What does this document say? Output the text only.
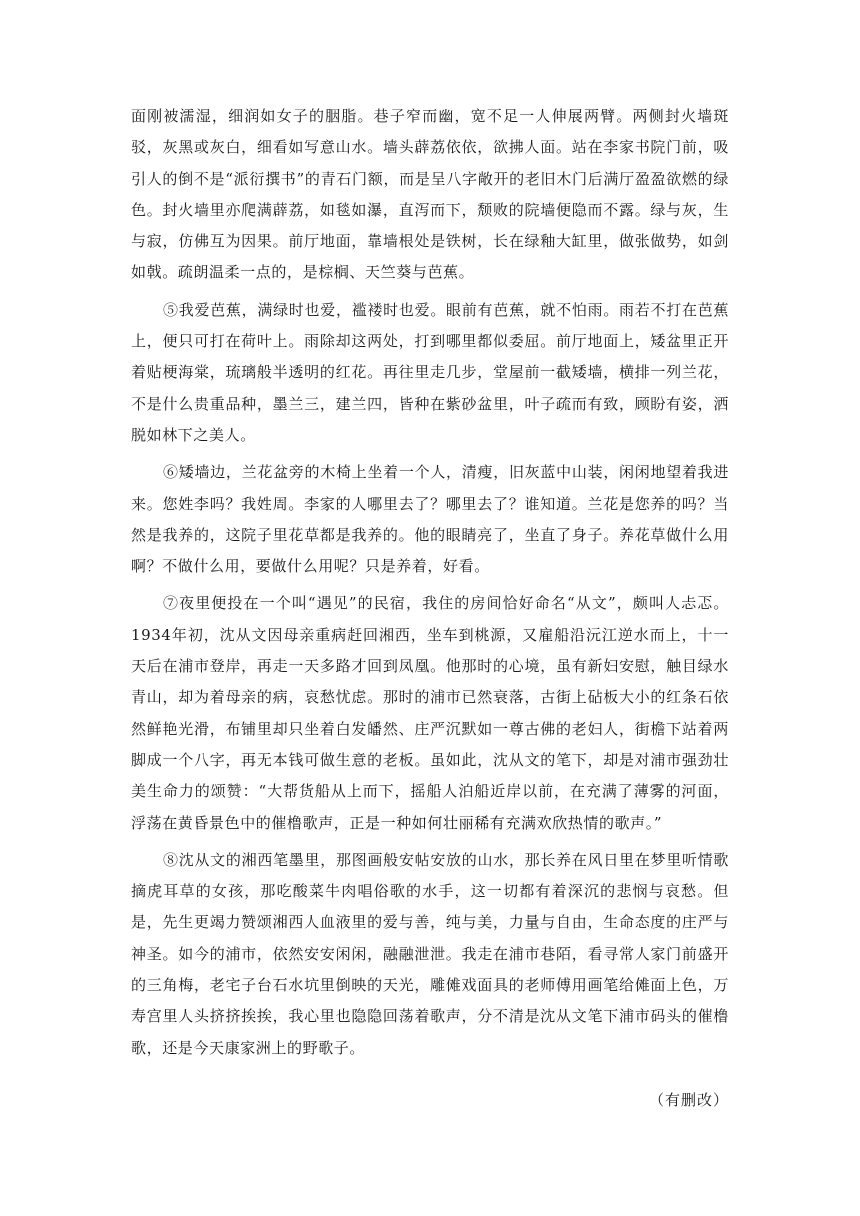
面刚被濡湿，细润如女子的胭脂。巷子窄而幽，宽不足一人伸展两臂。两侧封火墙斑驳，灰黑或灰白，细看如写意山水。墙头薜荔依依，欲拂人面。站在李家书院门前，吸引人的倒不是“派衍撰书”的青石门额，而是呈八字敞开的老旧木门后满厅盈盈欲燃的绿色。封火墙里亦爬满薜荔，如毯如瀑，直泻而下，颓败的院墙便隐而不露。绿与灰，生与寂，仿佛互为因果。前厅地面，靠墙根处是铁树，长在绿釉大缸里，做张做势，如剑如戟。疏朗温柔一点的，是棕榈、天竺葵与芭蕉。

⑤我爱芭蕉，满绿时也爱，褴褛时也爱。眼前有芭蕉，就不怕雨。雨若不打在芭蕉上，便只可打在荷叶上。雨除却这两处，打到哪里都似委屈。前厅地面上，矮盆里正开着贴梗海棠，琉璃般半透明的红花。再往里走几步，堂屋前一截矮墙，横排一列兰花，不是什么贵重品种，墨兰三，建兰四，皆种在紫砂盆里，叶子疏而有致，顾盼有姿，洒脱如林下之美人。

⑥矮墙边，兰花盆旁的木椅上坐着一个人，清瘦，旧灰蓝中山装，闲闲地望着我进来。您姓李吗？我姓周。李家的人哪里去了？哪里去了？谁知道。兰花是您养的吗？当然是我养的，这院子里花草都是我养的。他的眼睛亮了，坐直了身子。养花草做什么用啊？不做什么用，要做什么用呢？只是养着，好看。

⑦夜里便投在一个叫“遇见”的民宿，我住的房间恰好命名“从文”，颇叫人忐忑。1934年初，沈从文因母亲重病赶回湘西，坐车到桃源，又雇船沿沅江逆水而上，十一天后在浦市登岸，再走一天多路才回到凤凰。他那时的心境，虽有新妇安慰，触目绿水青山，却为着母亲的病，哀愁忧虑。那时的浦市已然衰落，古街上砧板大小的红条石依然鲜艳光滑，布铺里却只坐着白发皤然、庄严沉默如一尊古佛的老妇人，街檐下站着两脚成一个八字，再无本钱可做生意的老板。虽如此，沈从文的笔下，却是对浦市强劲壮美生命力的颂赞：“大帮货船从上而下，摇船人泊船近岸以前，在充满了薄雾的河面，浮荡在黄昏景色中的催橹歌声，正是一种如何壮丽稀有充满欢欣热情的歌声。”

⑧沈从文的湘西笔墨里，那图画般安帖安放的山水，那长养在风日里在梦里听情歌摘虎耳草的女孩，那吃酸菜牛肉唱俗歌的水手，这一切都有着深沉的悲悯与哀愁。但是，先生更竭力赞颂湘西人血液里的爱与善，纯与美，力量与自由，生命态度的庄严与神圣。如今的浦市，依然安安闲闲，融融泄泄。我走在浦市巷陌，看寻常人家门前盛开的三角梅，老宅子台石水坑里倒映的天光，雕傩戏面具的老师傅用画笔给傩面上色，万寿宫里人头挤挤挨挨，我心里也隐隐回荡着歌声，分不清是沈从文笔下浦市码头的催橹歌，还是今天康家洲上的野歌子。

（有删改）
